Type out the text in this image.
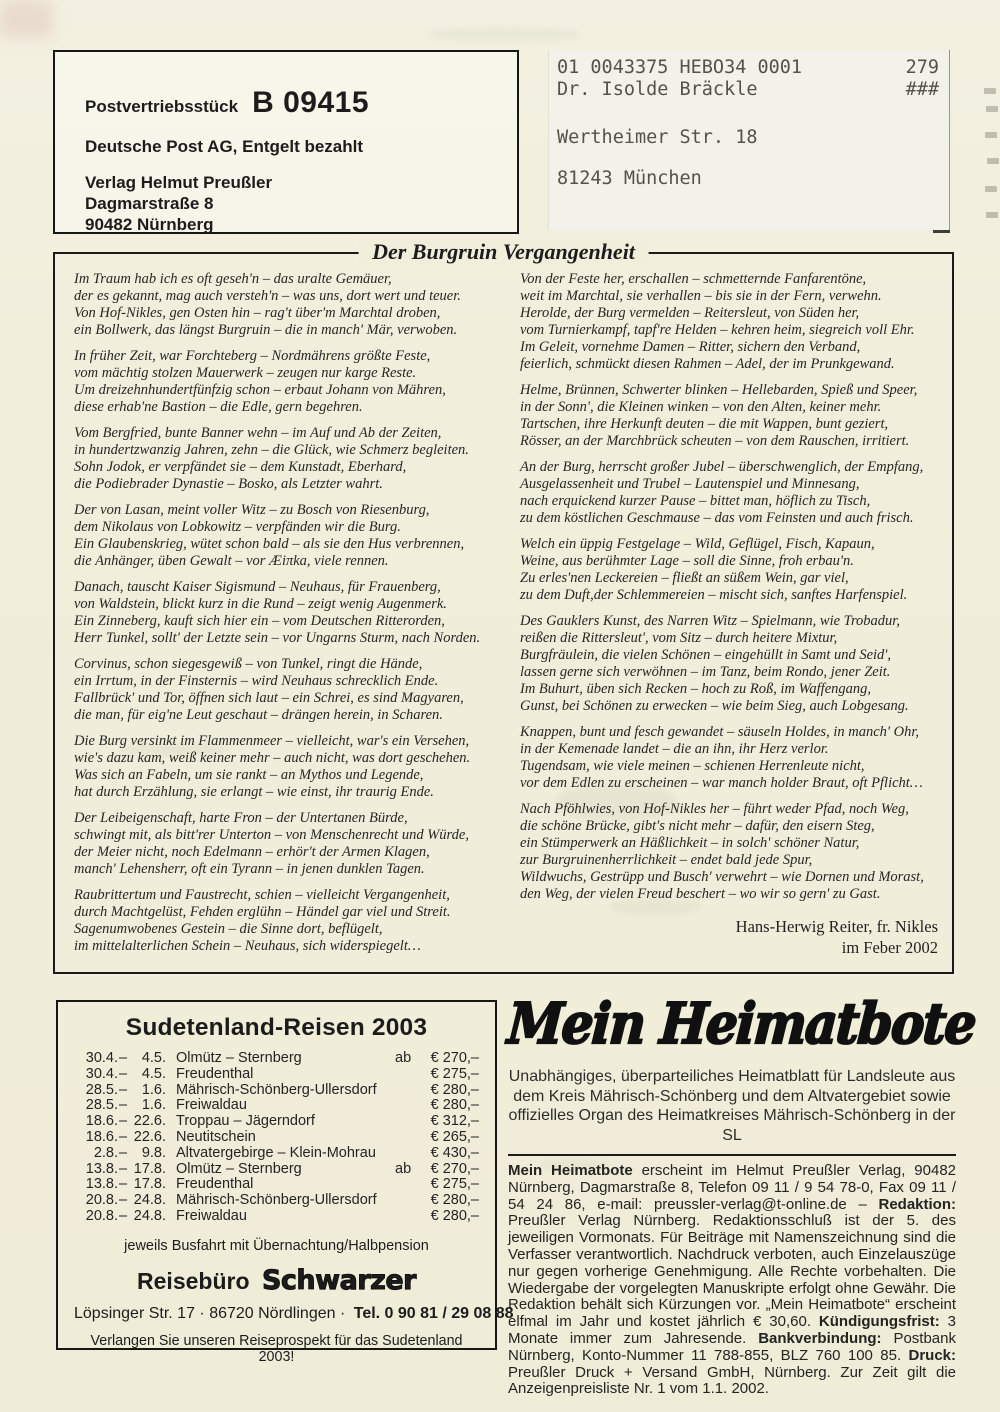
Postvertriebsstück B 09415
Deutsche Post AG, Entgelt bezahlt
Verlag Helmut Preußler
Dagmarstraße 8
90482 Nürnberg
01 0043375 HEBO34 0001	279
Dr. Isolde Bräckle	###
Wertheimer Str. 18
81243 München
Der Burgruin Vergangenheit
Im Traum hab ich es oft geseh'n – das uralte Gemäuer,
der es gekannt, mag auch versteh'n – was uns, dort wert und teuer.
Von Hof-Nikles, gen Osten hin – rag't über'm Marchtal droben,
ein Bollwerk, das längst Burgruin – die in manch' Mär, verwoben.
In früher Zeit, war Forchteberg – Nordmährens größte Feste,
vom mächtig stolzen Mauerwerk – zeugen nur karge Reste.
Um dreizehnhundertfünfzig schon – erbaut Johann von Mähren,
diese erhab'ne Bastion – die Edle, gern begehren.
Vom Bergfried, bunte Banner wehn – im Auf und Ab der Zeiten,
in hundertzwanzig Jahren, zehn – die Glück, wie Schmerz begleiten.
Sohn Jodok, er verpfändet sie – dem Kunstadt, Eberhard,
die Podiebrader Dynastie – Bosko, als Letzter wahrt.
Der von Lasan, meint voller Witz – zu Bosch von Riesenburg,
dem Nikolaus von Lobkowitz – verpfänden wir die Burg.
Ein Glaubenskrieg, wütet schon bald – als sie den Hus verbrennen,
die Anhänger, üben Gewalt – vor Æiπka, viele rennen.
Danach, tauscht Kaiser Sigismund – Neuhaus, für Frauenberg,
von Waldstein, blickt kurz in die Rund – zeigt wenig Augenmerk.
Ein Zinneberg, kauft sich hier ein – vom Deutschen Ritterorden,
Herr Tunkel, sollt' der Letzte sein – vor Ungarns Sturm, nach Norden.
Corvinus, schon siegesgewiß – von Tunkel, ringt die Hände,
ein Irrtum, in der Finsternis – wird Neuhaus schrecklich Ende.
Fallbrück' und Tor, öffnen sich laut – ein Schrei, es sind Magyaren,
die man, für eig'ne Leut geschaut – drängen herein, in Scharen.
Die Burg versinkt im Flammenmeer – vielleicht, war's ein Versehen,
wie's dazu kam, weiß keiner mehr – auch nicht, was dort geschehen.
Was sich an Fabeln, um sie rankt – an Mythos und Legende,
hat durch Erzählung, sie erlangt – wie einst, ihr traurig Ende.
Der Leibeigenschaft, harte Fron – der Untertanen Bürde,
schwingt mit, als bitt'rer Unterton – von Menschenrecht und Würde,
der Meier nicht, noch Edelmann – erhör't der Armen Klagen,
manch' Lehensherr, oft ein Tyrann – in jenen dunklen Tagen.
Raubrittertum und Faustrecht, schien – vielleicht Vergangenheit,
durch Machtgelüst, Fehden erglühn – Händel gar viel und Streit.
Sagenumwobenes Gestein – die Sinne dort, beflügelt,
im mittelalterlichen Schein – Neuhaus, sich widerspiegelt…
Von der Feste her, erschallen – schmetternde Fanfarentöne,
weit im Marchtal, sie verhallen – bis sie in der Fern, verwehn.
Herolde, der Burg vermelden – Reitersleut, von Süden her,
vom Turnierkampf, tapf're Helden – kehren heim, siegreich voll Ehr.
Im Geleit, vornehme Damen – Ritter, sichern den Verband,
feierlich, schmückt diesen Rahmen – Adel, der im Prunkgewand.
Helme, Brünnen, Schwerter blinken – Hellebarden, Spieß und Speer,
in der Sonn', die Kleinen winken – von den Alten, keiner mehr.
Tartschen, ihre Herkunft deuten – die mit Wappen, bunt geziert,
Rösser, an der Marchbrück scheuten – von dem Rauschen, irritiert.
An der Burg, herrscht großer Jubel – überschwenglich, der Empfang,
Ausgelassenheit und Trubel – Lautenspiel und Minnesang,
nach erquickend kurzer Pause – bittet man, höflich zu Tisch,
zu dem köstlichen Geschmause – das vom Feinsten und auch frisch.
Welch ein üppig Festgelage – Wild, Geflügel, Fisch, Kapaun,
Weine, aus berühmter Lage – soll die Sinne, froh erbau'n.
Zu erles'nen Leckereien – fließt an süßem Wein, gar viel,
zu dem Duft,der Schlemmereien – mischt sich, sanftes Harfenspiel.
Des Gauklers Kunst, des Narren Witz – Spielmann, wie Trobadur,
reißen die Rittersleut', vom Sitz – durch heitere Mixtur,
Burgfräulein, die vielen Schönen – eingehüllt in Samt und Seid',
lassen gerne sich verwöhnen – im Tanz, beim Rondo, jener Zeit.
Im Buhurt, üben sich Recken – hoch zu Roß, im Waffengang,
Gunst, bei Schönen zu erwecken – wie beim Sieg, auch Lobgesang.
Knappen, bunt und fesch gewandet – säuseln Holdes, in manch' Ohr,
in der Kemenade landet – die an ihn, ihr Herz verlor.
Tugendsam, wie viele meinen – schienen Herrenleute nicht,
vor dem Edlen zu erscheinen – war manch holder Braut, oft Pflicht…
Nach Pföhlwies, von Hof-Nikles her – führt weder Pfad, noch Weg,
die schöne Brücke, gibt's nicht mehr – dafür, den eisern Steg,
ein Stümperwerk an Häßlichkeit – in solch' schöner Natur,
zur Burgruinenherrlichkeit – endet bald jede Spur,
Wildwuchs, Gestrüpp und Busch' verwehrt – wie Dornen und Morast,
den Weg, der vielen Freud beschert – wo wir so gern' zu Gast.
Hans-Herwig Reiter, fr. Nikles
im Feber 2002
Sudetenland-Reisen 2003
30.4. –	4.5. Olmütz – Sternberg	ab	€ 270,–
30.4. –	4.5. Freudenthal	€ 275,–
28.5. –	1.6. Mährisch-Schönberg-Ullersdorf	€ 280,–
28.5. –	1.6. Freiwaldau	€ 280,–
18.6. – 22.6. Troppau – Jägerndorf	€ 312,–
18.6. – 22.6. Neutitschein	€ 265,–
2.8. –	9.8. Altvatergebirge – Klein-Mohrau	€ 430,–
13.8. – 17.8. Olmütz – Sternberg	ab	€ 270,–
13.8. – 17.8. Freudenthal	€ 275,–
20.8. – 24.8. Mährisch-Schönberg-Ullersdorf	€ 280,–
20.8. – 24.8. Freiwaldau	€ 280,–
jeweils Busfahrt mit Übernachtung/Halbpension
Reisebüro Schwarzer
Löpsinger Str. 17 · 86720 Nördlingen · Tel. 0 90 81 / 29 08 88
Verlangen Sie unseren Reiseprospekt für das Sudetenland 2003!
Mein Heimatbote
Unabhängiges, überparteiliches Heimatblatt für Landsleute aus dem Kreis Mährisch-Schönberg und dem Altvatergebiet sowie offizielles Organ des Heimatkreises Mährisch-Schönberg in der SL

Mein Heimatbote erscheint im Helmut Preußler Verlag, 90482 Nürnberg, Dagmarstraße 8, Telefon 09 11 / 9 54 78-0, Fax 09 11 / 54 24 86, e-mail: preussler-verlag@t-online.de – Redaktion: Preußler Verlag Nürnberg. Redaktionsschluß ist der 5. des jeweiligen Vormonats. Für Beiträge mit Namenszeichnung sind die Verfasser verantwortlich. Nachdruck verboten, auch Einzelauszüge nur gegen vorherige Genehmigung. Alle Rechte vorbehalten. Die Wiedergabe der vorgelegten Manuskripte erfolgt ohne Gewähr. Die Redaktion behält sich Kürzungen vor. „Mein Heimatbote“ erscheint elfmal im Jahr und kostet jährlich € 30,60. Kündigungsfrist: 3 Monate immer zum Jahresende. Bankverbindung: Postbank Nürnberg, Konto-Nummer 11 788-855, BLZ 760 100 85. Druck: Preußler Druck + Versand GmbH, Nürnberg. Zur Zeit gilt die Anzeigenpreisliste Nr. 1 vom 1.1. 2002.
